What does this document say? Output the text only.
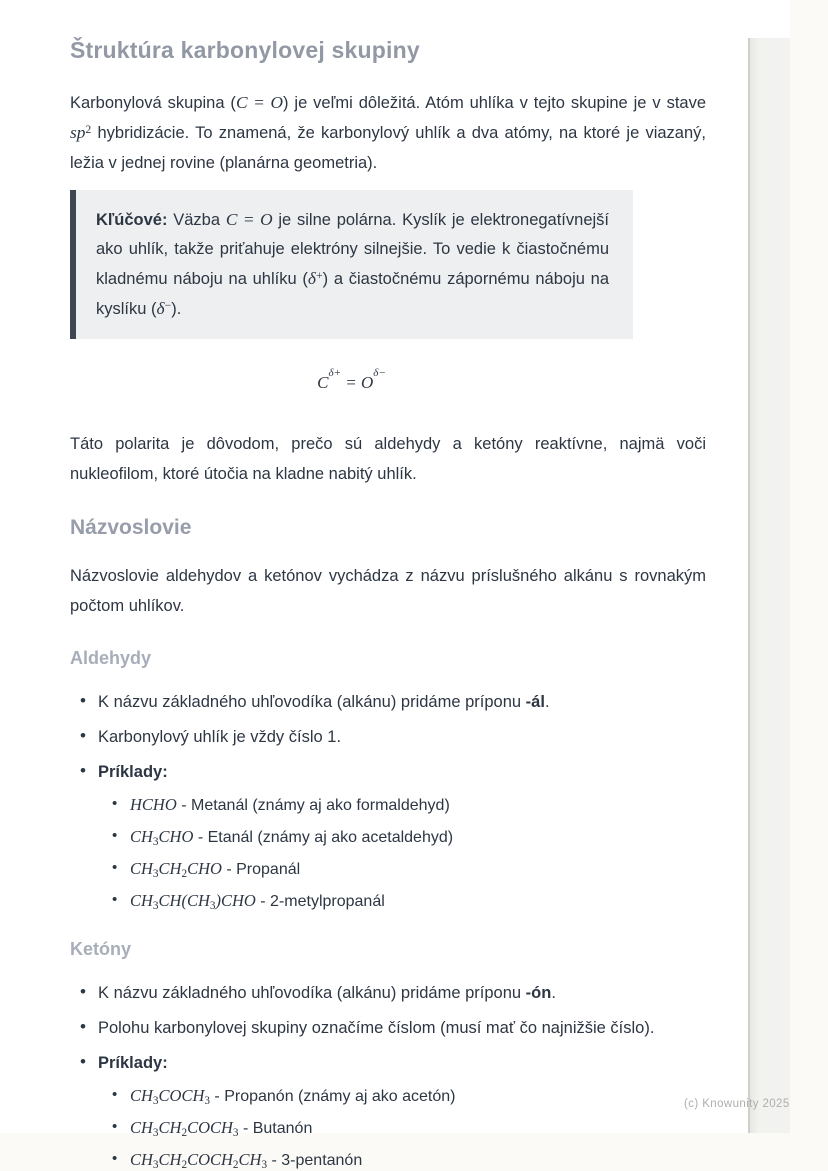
Štruktúra karbonylovej skupiny

Karbonylová skupina (C = O) je veľmi dôležitá. Atóm uhlíka v tejto skupine je v stave $sp^2$ hybridizácie. To znamená, že karbonylový uhlík a dva atómy, na ktoré je viazaný, ležia v jednej rovine (planárna geometria).

Kľúčové: Väzba C = O je silne polárna. Kyslík je elektronegatívnejší ako uhlík, takže priťahuje elektróny silnejšie. To vedie k čiastočnému kladnému náboju na uhlíku (δ+) a čiastočnému zápornému náboju na kyslíku (δ−).

$C^{\delta+} = O^{\delta-}$

Táto polarita je dôvodom, prečo sú aldehydy a ketóny reaktívne, najmä voči nukleofilom, ktoré útočia na kladne nabitý uhlík.

Názvoslovie

Názvoslovie aldehydov a ketónov vychádza z názvu príslušného alkánu s rovnakým počtom uhlíkov.

Aldehydy
• K názvu základného uhľovodíka (alkánu) pridáme príponu -ál.
• Karbonylový uhlík je vždy číslo 1.
• Príklady:
• HCHO - Metanál (známy aj ako formaldehyd)
• $CH_3CHO$ - Etanál (známy aj ako acetaldehyd)
• $CH_3CH_2CHO$ - Propanál
• $CH_3CH(CH_3)CHO$ - 2-metylpropanál
Ketóny
• K názvu základného uhľovodíka (alkánu) pridáme príponu -ón.
• Polohu karbonylovej skupiny označíme číslom (musí mať čo najnižšie číslo).
• Príklady:
• $CH_3COCH_3$ - Propanón (známy aj ako acetón)
• $CH_3CH_2COCH_3$ - Butanón
• $CH_3CH_2COCH_2CH_3$ - 3-pentanón
(c) Knowunity 2025
